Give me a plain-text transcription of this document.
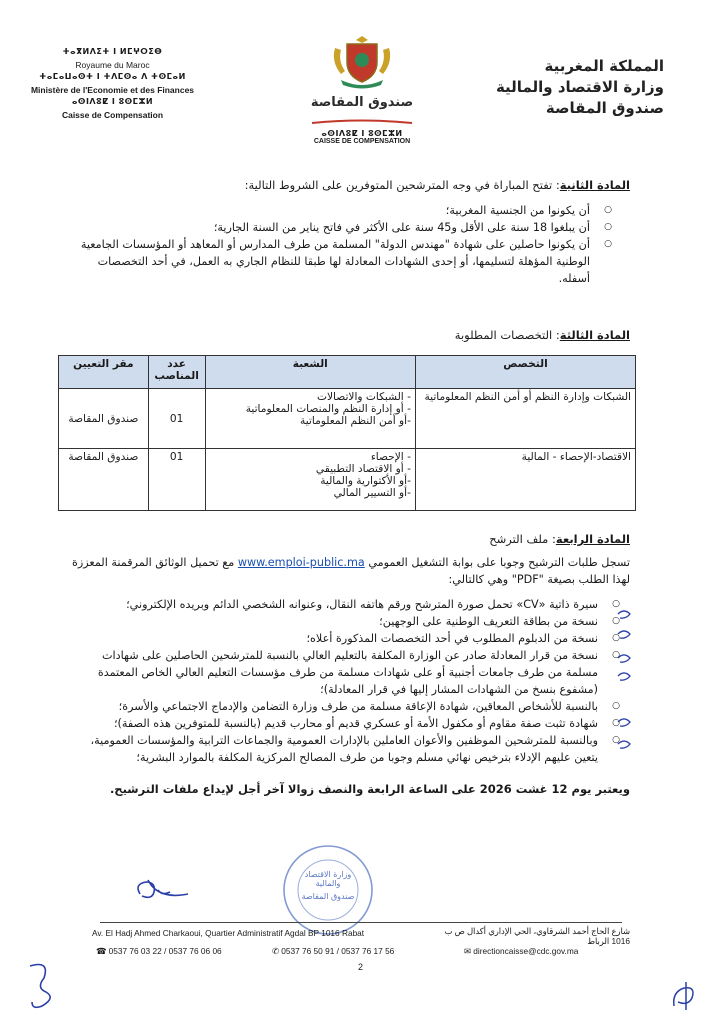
ⵜⴰⴳⵍⴷⵉⵜ ⵏ ⵍⵎⵖⵔⵉⴱ
Royaume du Maroc
ⵜⴰⵎⴰⵡⴰⵙⵜ ⵏ ⵜⴷⵎⵙⴰ ⴷ ⵜⵙⵎⴰⵍ
Ministère de l'Economie et des Finances
ⴰⵙⵏⴷⵓⵇ ⵏ ⵓⵙⵎⵣⵍ
Caisse de Compensation
صندوق المقاصة
ⴰⵙⵏⴷⵓⵇ ⵏ ⵓⵙⵎⵣⵍ
CAISSE DE COMPENSATION
المملكة المغربية
وزارة الاقتصاد والمالية
صندوق المقاصة
المادة الثانية: تفتح المباراة في وجه المترشحين المتوفرين على الشروط التالية:
○ أن يكونوا من الجنسية المغربية؛
○ أن يبلغوا 18 سنة على الأقل و45 سنة على الأكثر في فاتح يناير من السنة الجارية؛
○ أن يكونوا حاصلين على شهادة "مهندس الدولة" المسلمة من طرف المدارس أو المعاهد أو المؤسسات الجامعية الوطنية المؤهلة لتسليمها، أو إحدى الشهادات المعادلة لها طبقا للنظام الجاري به العمل، في أحد التخصصات أسفله.
المادة الثالثة: التخصصات المطلوبة
التخصص	الشعبة	عدد المناصب	مقر التعيين
الشبكات وإدارة النظم أو أمن النظم المعلوماتية	- الشبكات والاتصالات
- أو إدارة النظم والمنصات المعلوماتية
-أو أمن النظم المعلوماتية	01	صندوق المقاصة
الاقتصاد-الإحصاء - المالية	- الإحصاء
- أو الاقتصاد التطبيقي
-أو الأكتوارية والمالية
-أو التسيير المالي	01	صندوق المقاصة
المادة الرابعة: ملف الترشح
تسجل طلبات الترشيح وجوبا على بوابة التشغيل العمومي www.emploi-public.ma مع تحميل الوثائق المرقمنة المعززة لهذا الطلب بصيغة "PDF" وهي كالتالي:
○ سيرة ذاتية «CV» تحمل صورة المترشح ورقم هاتفه النقال، وعنوانه الشخصي الدائم وبريده الإلكتروني؛
○ نسخة من بطاقة التعريف الوطنية على الوجهين؛
○ نسخة من الدبلوم المطلوب في أحد التخصصات المذكورة أعلاه؛
○ نسخة من قرار المعادلة صادر عن الوزارة المكلفة بالتعليم العالي بالنسبة للمترشحين الحاصلين على شهادات مسلمة من طرف جامعات أجنبية أو على شهادات مسلمة من طرف مؤسسات التعليم العالي الخاص المعتمدة (مشفوع بنسخ من الشهادات المشار إليها في قرار المعادلة)؛
○ بالنسبة للأشخاص المعاقين، شهادة الإعاقة مسلمة من طرف وزارة التضامن والإدماج الاجتماعي والأسرة؛
○ شهادة تثبت صفة مقاوم أو مكفول الأمة أو عسكري قديم أو محارب قديم (بالنسبة للمتوفرين هذه الصفة)؛
○ وبالنسبة للمترشحين الموظفين والأعوان العاملين بالإدارات العمومية والجماعات الترابية والمؤسسات العمومية، يتعين عليهم الإدلاء بترخيص نهائي مسلم وجوبا من طرف المصالح المركزية المكلفة بالموارد البشرية؛
ويعتبر يوم 12 غشت 2026 على الساعة الرابعة والنصف زوالا آخر أجل لإيداع ملفات الترشيح.
وزارة الاقتصاد والمالية
صندوق المقاصة
Av. El Hadj Ahmed Charkaoui, Quartier Administratif Agdal BP 1016 Rabat	شارع الحاج أحمد الشرقاوي، الحي الإداري أكدال ص ب 1016 الرباط
☎ 0537 76 03 22 / 0537 76 06 06	✆ 0537 76 50 91 / 0537 76 17 56	✉ directioncaisse@cdc.gov.ma
2
